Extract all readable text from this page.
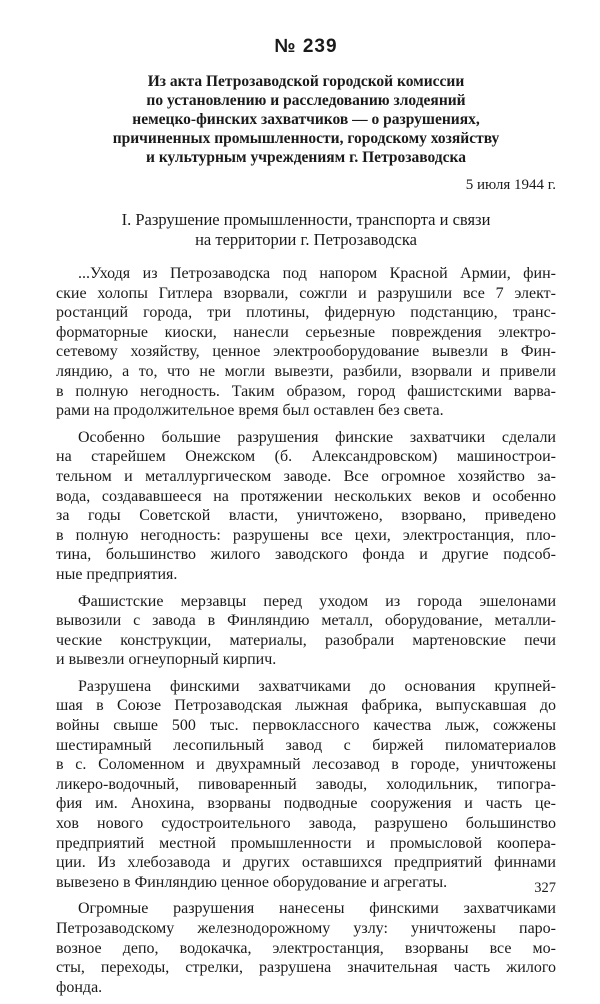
№ 239
Из акта Петрозаводской городской комиссии
по установлению и расследованию злодеяний
немецко-финских захватчиков — о разрушениях,
причиненных промышленности, городскому хозяйству
и культурным учреждениям г. Петрозаводска
5 июля 1944 г.
I. Разрушение промышленности, транспорта и связи
на территории г. Петрозаводска
...Уходя из Петрозаводска под напором Красной Армии, фин-
ские холопы Гитлера взорвали, сожгли и разрушили все 7 элект-
ростанций города, три плотины, фидерную подстанцию, транс-
форматорные киоски, нанесли серьезные повреждения электро-
сетевому хозяйству, ценное электрооборудование вывезли в Фин-
ляндию, а то, что не могли вывезти, разбили, взорвали и привели
в полную негодность. Таким образом, город фашистскими варва-
рами на продолжительное время был оставлен без света.
Особенно большие разрушения финские захватчики сделали
на старейшем Онежском (б. Александровском) машинострои-
тельном и металлургическом заводе. Все огромное хозяйство за-
вода, создававшееся на протяжении нескольких веков и особенно
за годы Советской власти, уничтожено, взорвано, приведено
в полную негодность: разрушены все цехи, электростанция, пло-
тина, большинство жилого заводского фонда и другие подсоб-
ные предприятия.
Фашистские мерзавцы перед уходом из города эшелонами
вывозили с завода в Финляндию металл, оборудование, металли-
ческие конструкции, материалы, разобрали мартеновские печи
и вывезли огнеупорный кирпич.
Разрушена финскими захватчиками до основания крупней-
шая в Союзе Петрозаводская лыжная фабрика, выпускавшая до
войны свыше 500 тыс. первоклассного качества лыж, сожжены
шестирамный лесопильный завод с биржей пиломатериалов
в с. Соломенном и двухрамный лесозавод в городе, уничтожены
ликеро-водочный, пивоваренный заводы, холодильник, типогра-
фия им. Анохина, взорваны подводные сооружения и часть це-
хов нового судостроительного завода, разрушено большинство
предприятий местной промышленности и промысловой коопера-
ции. Из хлебозавода и других оставшихся предприятий финнами
вывезено в Финляндию ценное оборудование и агрегаты.
Огромные разрушения нанесены финскими захватчиками
Петрозаводскому железнодорожному узлу: уничтожены паро-
возное депо, водокачка, электростанция, взорваны все мо-
сты, переходы, стрелки, разрушена значительная часть жилого
фонда.
327
